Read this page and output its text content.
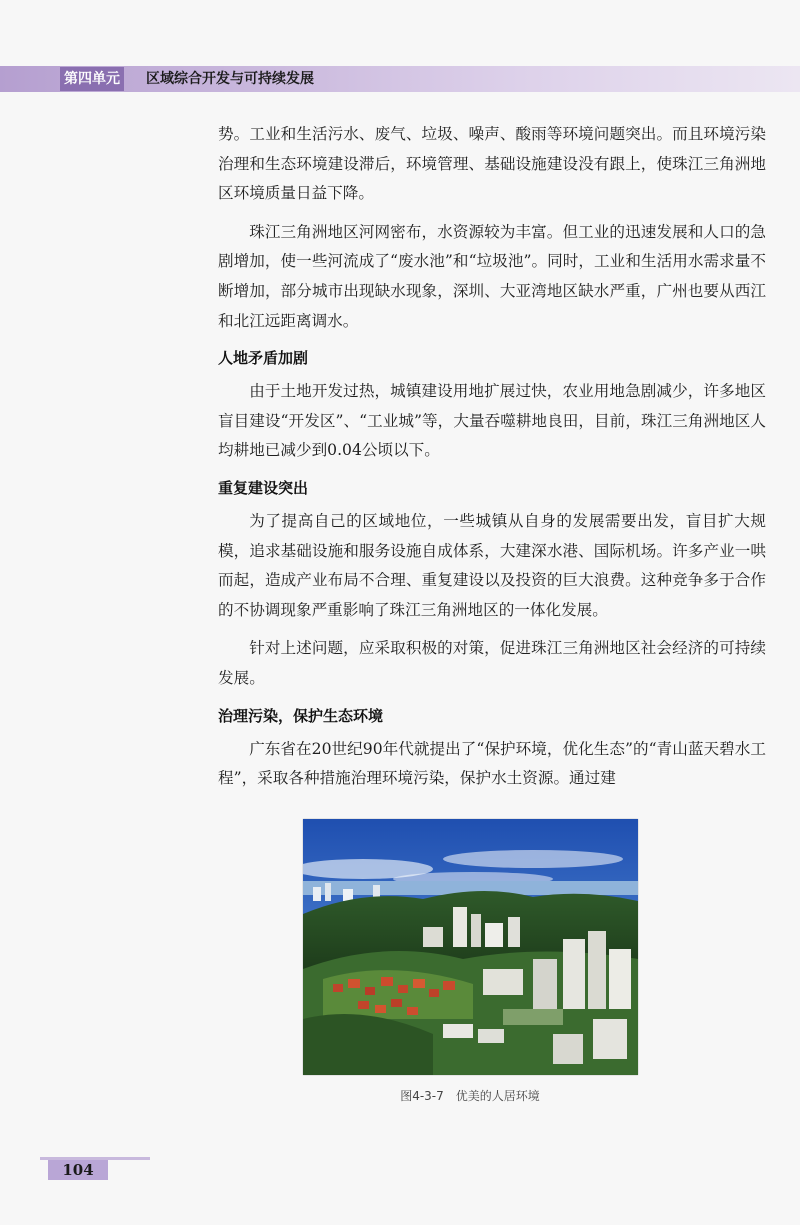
第四单元 区域综合开发与可持续发展

势。工业和生活污水、废气、垃圾、噪声、酸雨等环境问题突出。而且环境污染治理和生态环境建设滞后，环境管理、基础设施建设没有跟上，使珠江三角洲地区环境质量日益下降。

珠江三角洲地区河网密布，水资源较为丰富。但工业的迅速发展和人口的急剧增加，使一些河流成了“废水池”和“垃圾池”。同时，工业和生活用水需求量不断增加，部分城市出现缺水现象，深圳、大亚湾地区缺水严重，广州也要从西江和北江远距离调水。

人地矛盾加剧

由于土地开发过热，城镇建设用地扩展过快，农业用地急剧减少，许多地区盲目建设“开发区”、“工业城”等，大量吞噬耕地良田，目前，珠江三角洲地区人均耕地已减少到0.04公顷以下。

重复建设突出

为了提高自己的区域地位，一些城镇从自身的发展需要出发，盲目扩大规模，追求基础设施和服务设施自成体系，大建深水港、国际机场。许多产业一哄而起，造成产业布局不合理、重复建设以及投资的巨大浪费。这种竞争多于合作的不协调现象严重影响了珠江三角洲地区的一体化发展。

针对上述问题，应采取积极的对策，促进珠江三角洲地区社会经济的可持续发展。

治理污染，保护生态环境

广东省在20世纪90年代就提出了“保护环境，优化生态”的“青山蓝天碧水工程”，采取各种措施治理环境污染，保护水土资源。通过建

图4-3-7　优美的人居环境
104
